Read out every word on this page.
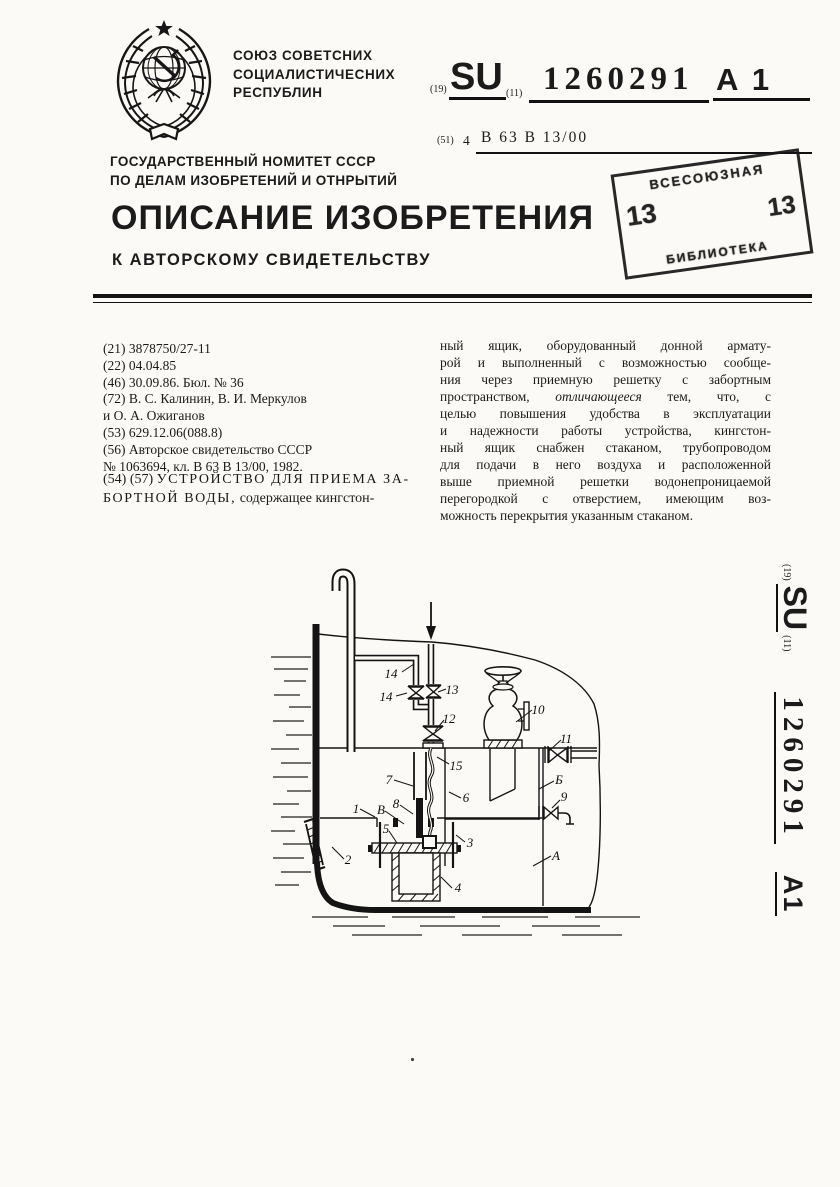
СОЮЗ СОВЕТСНИХ
СОЦИАЛИСТИЧЕСНИХ
РЕСПУБЛИН	(19) SU (11) 1260291 A 1
(51) 4 В 63 В 13/00
ГОСУДАРСТВЕННЫЙ НОМИТЕТ СССР
ПО ДЕЛАМ ИЗОБРЕТЕНИЙ И ОТНРЫТИЙ
ОПИСАНИЕ ИЗОБРЕТЕНИЯ
К АВТОРСКОМУ СВИДЕТЕЛЬСТВУ
ВСЕСОЮЗНАЯ
13	13
БИБЛИОТЕКА
(21) 3878750/27-11
(22) 04.04.85
(46) 30.09.86. Бюл. № 36
(72) В. С. Калинин, В. И. Меркулов
и О. А. Ожиганов
(53) 629.12.06(088.8)
(56) Авторское свидетельство СССР
№ 1063694, кл. В 63 В 13/00, 1982.
(54) (57) УСТРОЙСТВО ДЛЯ ПРИЕМА ЗА-
БОРТНОЙ ВОДЫ, содержащее кингстон-
ный ящик, оборудованный донной армату-
рой и выполненный с возможностью сообще-
ния через приемную решетку с забортным
пространством, отличающееся тем, что, с
целью повышения удобства в эксплуатации
и надежности работы устройства, кингстон-
ный ящик снабжен стаканом, трубопроводом
для подачи в него воздуха и расположенной
выше приемной решетки водонепроницаемой
перегородкой с отверстием, имеющим воз-
можность перекрытия указанным стаканом.
14
14	13
12
15
10
11
Б
9
А
7
8
В
1
5
6
3
2
4
(19)
SU
(11)
1260291
A1
